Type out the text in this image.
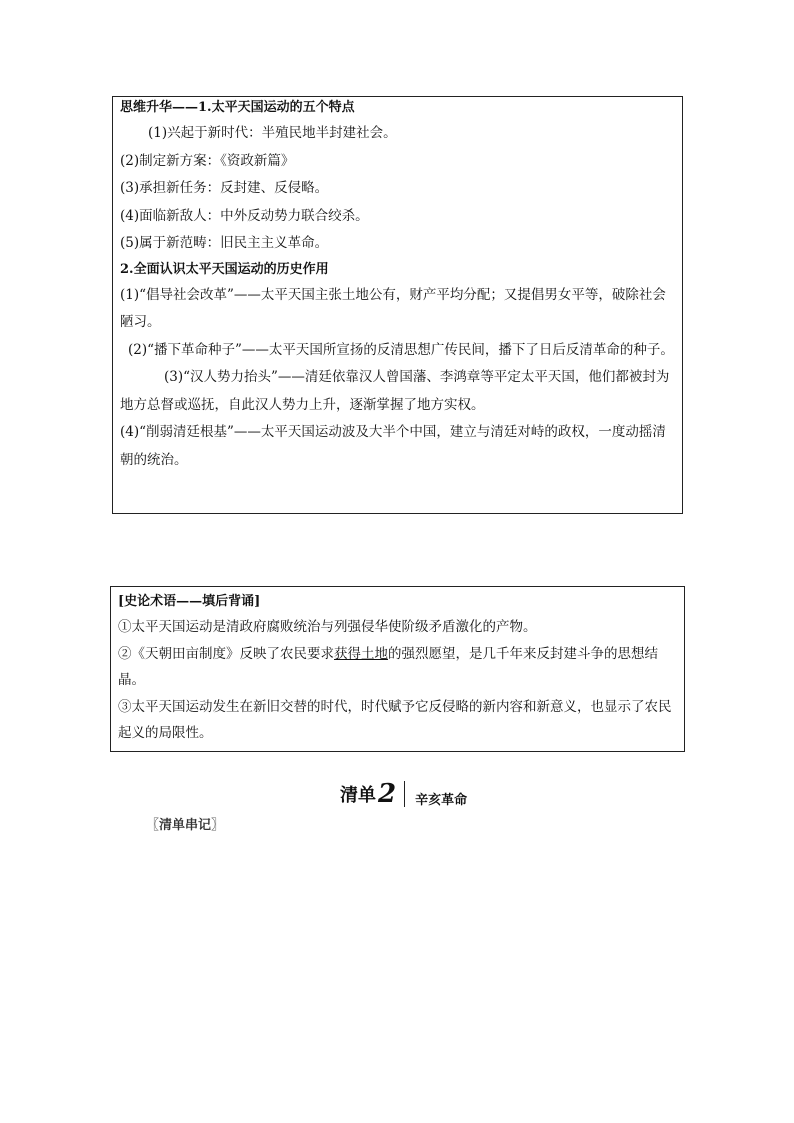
思维升华——1.太平天国运动的五个特点

(1)兴起于新时代：半殖民地半封建社会。

(2)制定新方案：《资政新篇》

(3)承担新任务：反封建、反侵略。

(4)面临新敌人：中外反动势力联合绞杀。

(5)属于新范畴：旧民主主义革命。

2.全面认识太平天国运动的历史作用

(1)“倡导社会改革”——太平天国主张土地公有，财产平均分配；又提倡男女平等，破除社会陋习。

(2)“播下革命种子”——太平天国所宣扬的反清思想广传民间，播下了日后反清革命的种子。

(3)“汉人势力抬头”——清廷依靠汉人曾国藩、李鸿章等平定太平天国，他们都被封为地方总督或巡抚，自此汉人势力上升，逐渐掌握了地方实权。

(4)“削弱清廷根基”——太平天国运动波及大半个中国，建立与清廷对峙的政权，一度动摇清朝的统治。

[史论术语——填后背诵]

①太平天国运动是清政府腐败统治与列强侵华使阶级矛盾激化的产物。

②《天朝田亩制度》反映了农民要求获得土地的强烈愿望，是几千年来反封建斗争的思想结晶。

③太平天国运动发生在新旧交替的时代，时代赋予它反侵略的新内容和新意义，也显示了农民起义的局限性。

清单 2 辛亥革命
〖清单串记〗
